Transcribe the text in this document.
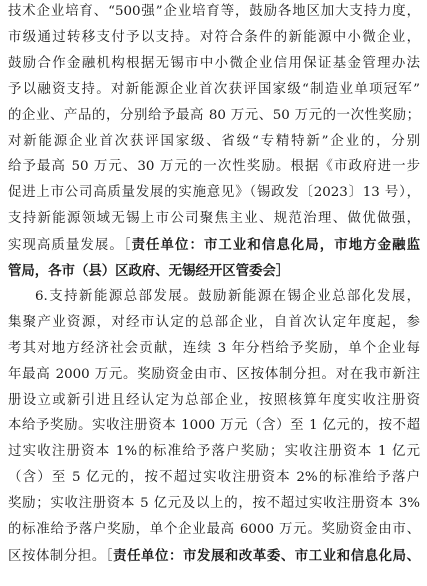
技术企业培育、“500强”企业培育等，鼓励各地区加大支持力度，
市级通过转移支付予以支持。对符合条件的新能源中小微企业，
鼓励合作金融机构根据无锡市中小微企业信用保证基金管理办法
予以融资支持。对新能源企业首次获评国家级“制造业单项冠军”
的企业、产品的，分别给予最高 80 万元、50 万元的一次性奖励；
对新能源企业首次获评国家级、省级“专精特新”企业的，分别
给予最高 50 万元、30 万元的一次性奖励。根据《市政府进一步
促进上市公司高质量发展的实施意见》（锡政发〔2023〕13 号），
支持新能源领域无锡上市公司聚焦主业、规范治理、做优做强，
实现高质量发展。［责任单位：市工业和信息化局，市地方金融监
管局，各市（县）区政府、无锡经开区管委会］
6.支持新能源总部发展。鼓励新能源在锡企业总部化发展，
集聚产业资源，对经市认定的总部企业，自首次认定年度起，参
考其对地方经济社会贡献，连续 3 年分档给予奖励，单个企业每
年最高 2000 万元。奖励资金由市、区按体制分担。对在我市新注
册设立或新引进且经认定为总部企业，按照核算年度实收注册资
本给予奖励。实收注册资本 1000 万元（含）至 1 亿元的，按不超
过实收注册资本 1%的标准给予落户奖励；实收注册资本 1 亿元
（含）至 5 亿元的，按不超过实收注册资本 2%的标准给予落户
奖励；实收注册资本 5 亿元及以上的，按不超过实收注册资本 3%
的标准给予落户奖励，单个企业最高 6000 万元。奖励资金由市、
区按体制分担。［责任单位：市发展和改革委、市工业和信息化局、
